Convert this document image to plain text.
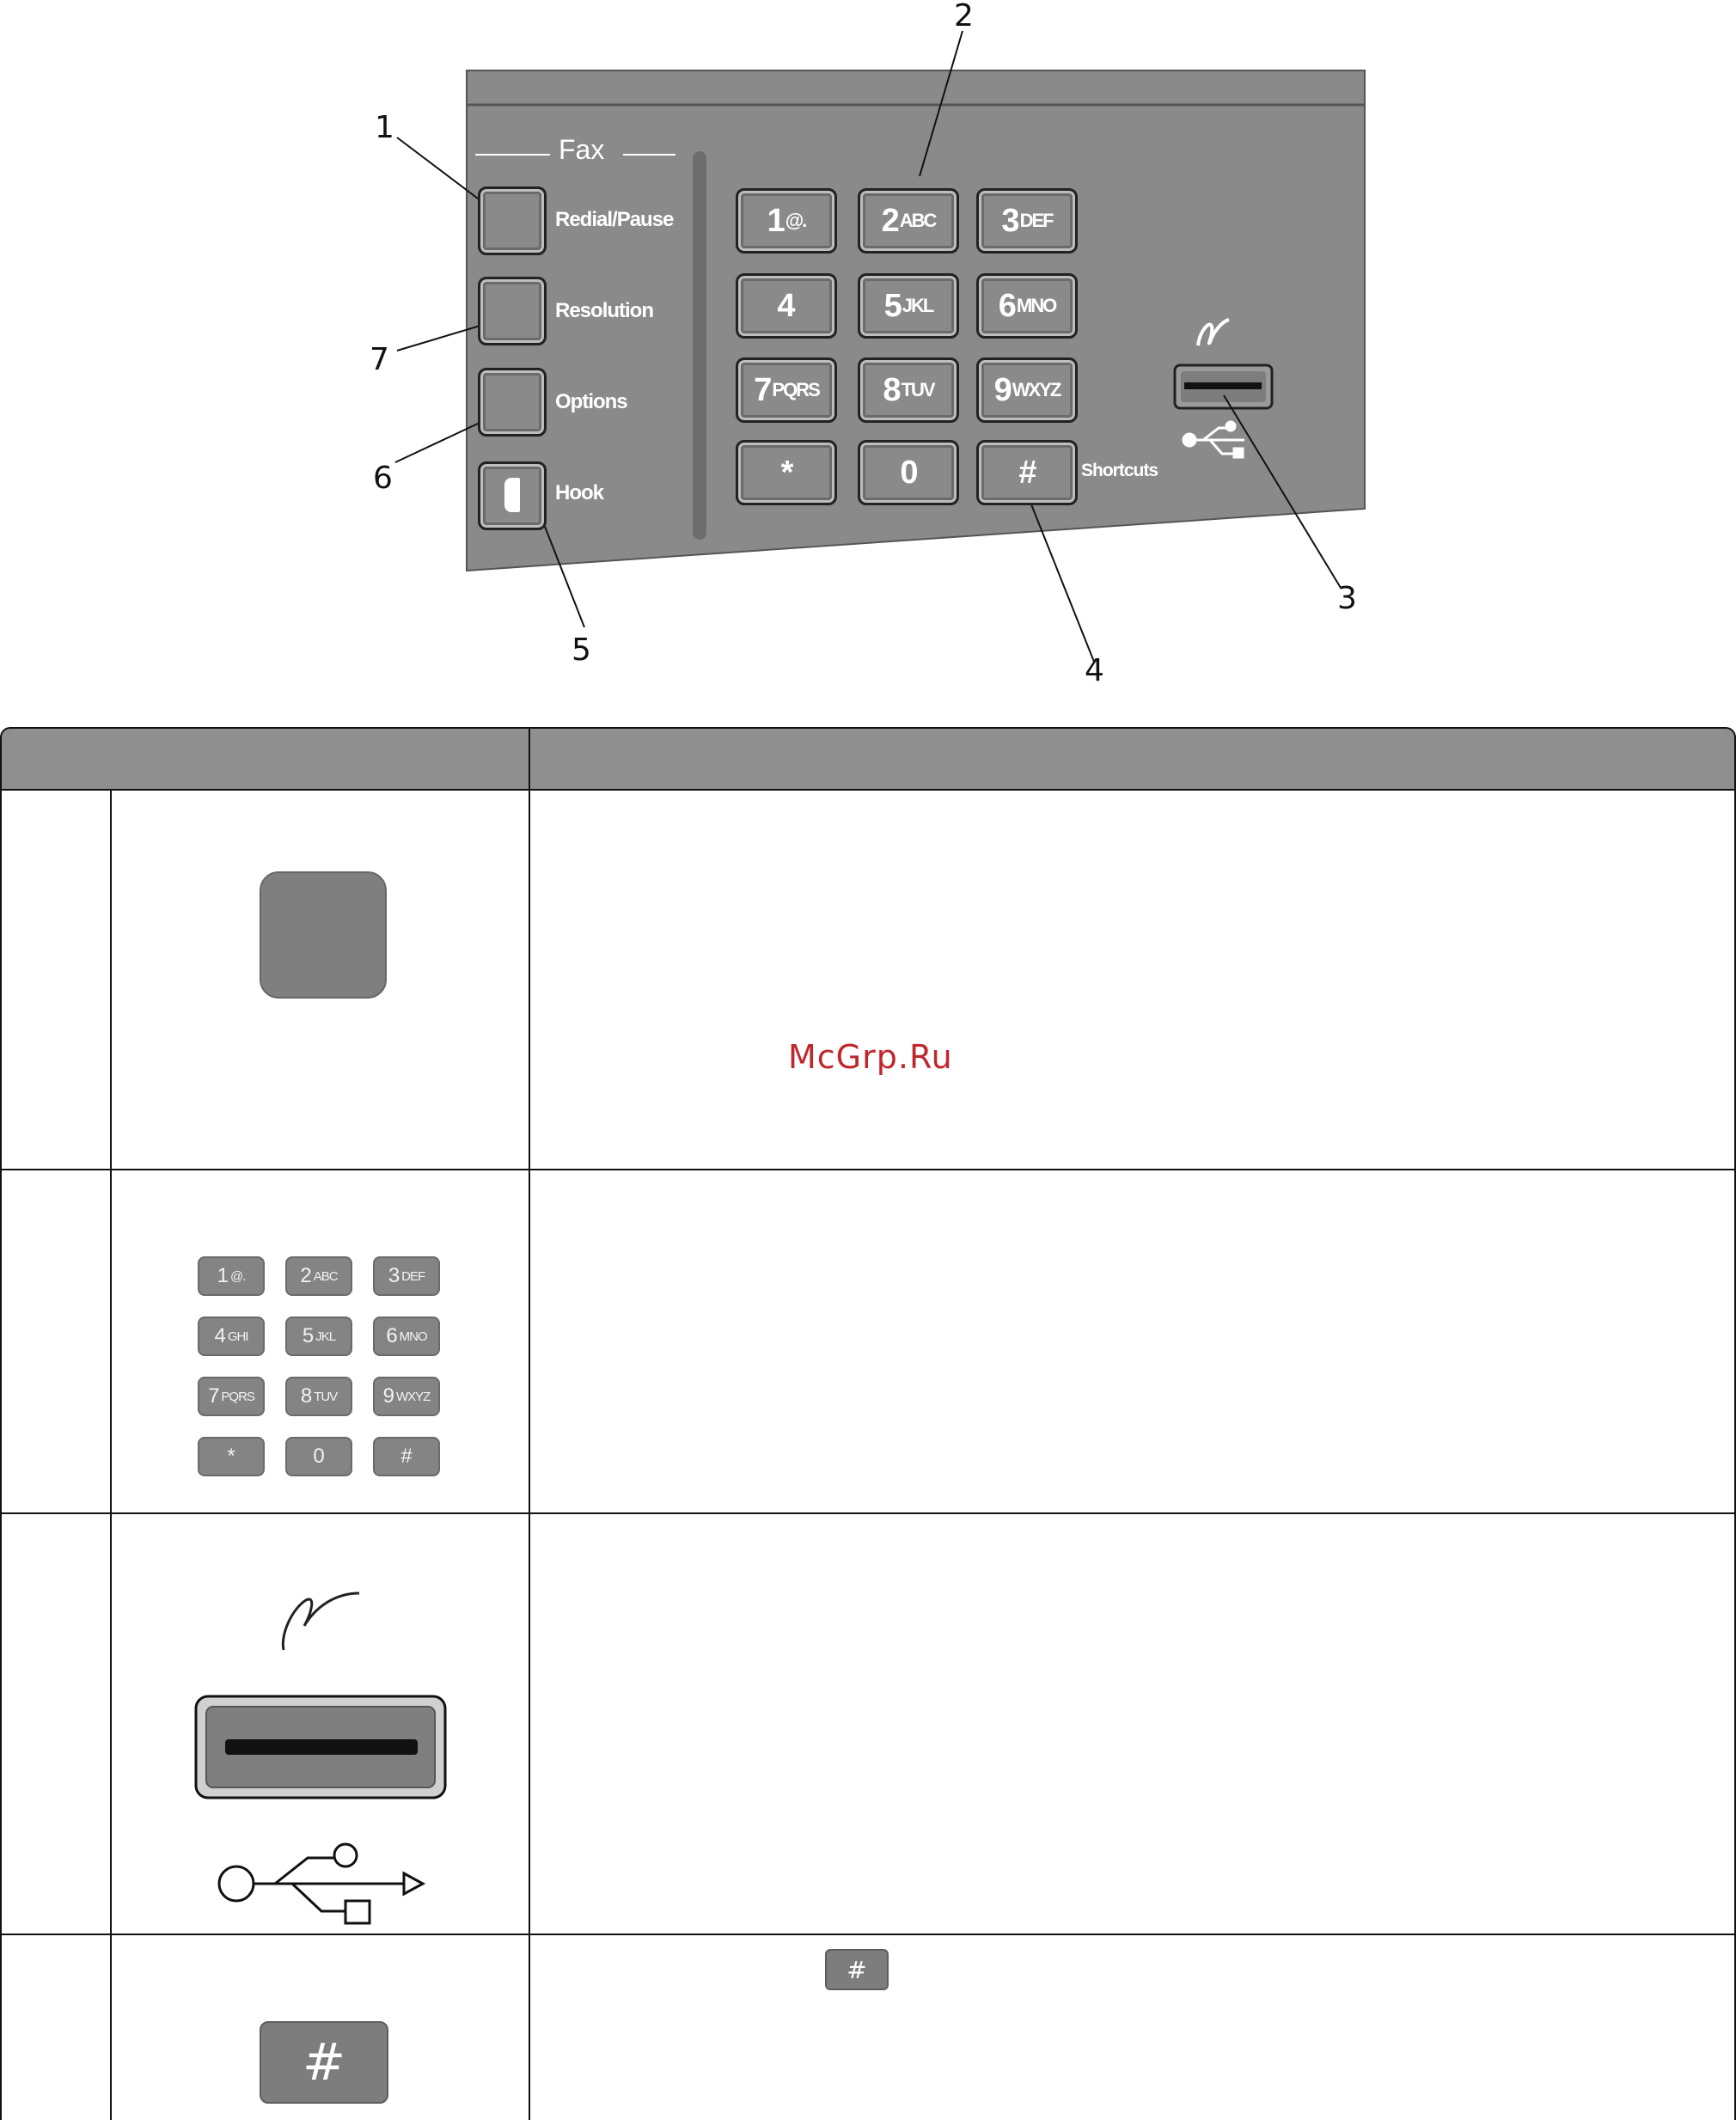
1
2
3
4
5
6
7
Fax
Redial/Pause
Resolution
Options
Hook
1 @. 2 ABC 3 DEF
4	5 JKL 6 MNO
7 PQRS 8 TUV 9 WXYZ
*	0	#	Shortcuts
McGrp.Ru
1 @.	2 ABC 3 DEF
4 GHI	5 JKL 6 MNO
7 PQRS 8 TUV 9 WXYZ
*	0	#
#
#
